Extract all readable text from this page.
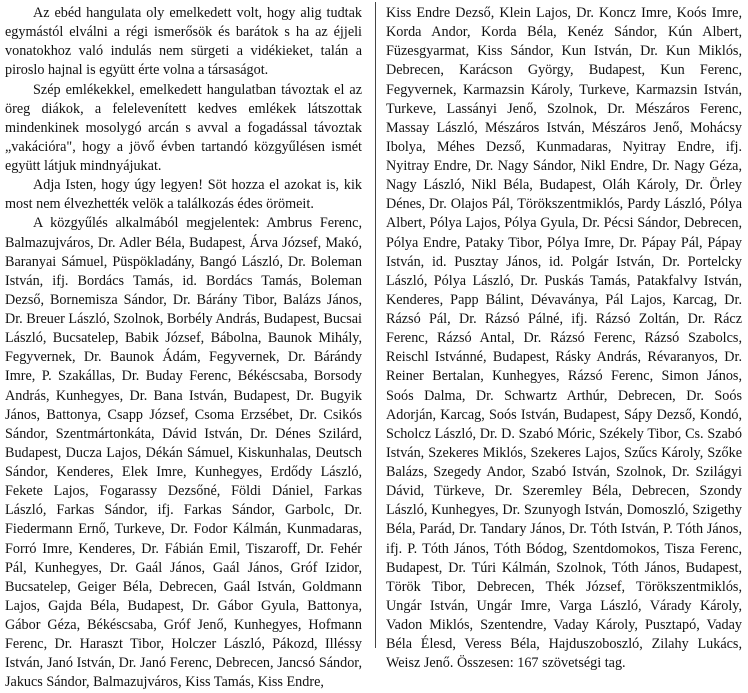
Az ebéd hangulata oly emelkedett volt, hogy alig tudtak egymástól elválni a régi ismerősök és barátok s ha az éjjeli vonatokhoz való indulás nem sürgeti a vidékieket, talán a piroslo hajnal is együtt érte volna a társaságot.

Szép emlékekkel, emelkedett hangulatban távoztak el az öreg diákok, a felelevenített kedves emlékek látszottak mindenkinek mosolygó arcán s avval a fogadással távoztak „vakációra", hogy a jövő évben tartandó közgyűlésen ismét együtt látjuk mindnyájukat.

Adja Isten, hogy úgy legyen! Söt hozza el azokat is, kik most nem élvezhették velök a találkozás édes örömeit.

A közgyűlés alkalmából megjelentek: Ambrus Ferenc, Balmazujváros, Dr. Adler Béla, Budapest, Árva József, Makó, Baranyai Sámuel, Püspökladány, Bangó László, Dr. Boleman István, ifj. Bordács Tamás, id. Bordács Tamás, Boleman Dezső, Bornemisza Sándor, Dr. Bárány Tibor, Balázs János, Dr. Breuer László, Szolnok, Borbély András, Budapest, Bucsai László, Bucsatelep, Babik József, Bábolna, Baunok Mihály, Fegyvernek, Dr. Baunok Ádám, Fegyvernek, Dr. Bárándy Imre, P. Szakállas, Dr. Buday Ferenc, Békéscsaba, Borsody András, Kunhegyes, Dr. Bana István, Budapest, Dr. Bugyik János, Battonya, Csapp József, Csoma Erzsébet, Dr. Csikós Sándor, Szentmártonkáta, Dávid István, Dr. Dénes Szilárd, Budapest, Ducza Lajos, Dékán Sámuel, Kiskunhalas, Deutsch Sándor, Kenderes, Elek Imre, Kunhegyes, Erdődy László, Fekete Lajos, Fogarassy Dezsőné, Földi Dániel, Farkas László, Farkas Sándor, ifj. Farkas Sándor, Garbolc, Dr. Fiedermann Ernő, Turkeve, Dr. Fodor Kálmán, Kunmadaras, Forró Imre, Kenderes, Dr. Fábián Emil, Tiszaroff, Dr. Fehér Pál, Kunhegyes, Dr. Gaál János, Gaál János, Gróf Izidor, Bucsatelep, Geiger Béla, Debrecen, Gaál István, Goldmann Lajos, Gajda Béla, Budapest, Dr. Gábor Gyula, Battonya, Gábor Géza, Békéscsaba, Gróf Jenő, Kunhegyes, Hofmann Ferenc, Dr. Haraszt Tibor, Holczer László, Pákozd, Illéssy István, Janó István, Dr. Janó Ferenc, Debrecen, Jancsó Sándor, Jakucs Sándor, Balmazujváros, Kiss Tamás, Kiss Endre,

Kiss Endre Dezső, Klein Lajos, Dr. Koncz Imre, Koós Imre, Korda Andor, Korda Béla, Kenéz Sándor, Kún Albert, Füzesgyarmat, Kiss Sándor, Kun István, Dr. Kun Miklós, Debrecen, Karácson György, Budapest, Kun Ferenc, Fegyvernek, Karmazsin Károly, Turkeve, Karmazsin István, Turkeve, Lassányi Jenő, Szolnok, Dr. Mészáros Ferenc, Massay László, Mészáros István, Mészáros Jenő, Mohácsy Ibolya, Méhes Dezső, Kunmadaras, Nyitray Endre, ifj. Nyitray Endre, Dr. Nagy Sándor, Nikl Endre, Dr. Nagy Géza, Nagy László, Nikl Béla, Budapest, Oláh Károly, Dr. Örley Dénes, Dr. Olajos Pál, Törökszentmiklós, Pardy László, Pólya Albert, Pólya Lajos, Pólya Gyula, Dr. Pécsi Sándor, Debrecen, Pólya Endre, Pataky Tibor, Pólya Imre, Dr. Pápay Pál, Pápay István, id. Pusztay János, id. Polgár István, Dr. Portelcky László, Pólya László, Dr. Puskás Tamás, Patakfalvy István, Kenderes, Papp Bálint, Dévaványa, Pál Lajos, Karcag, Dr. Rázsó Pál, Dr. Rázsó Pálné, ifj. Rázsó Zoltán, Dr. Rácz Ferenc, Rázsó Antal, Dr. Rázsó Ferenc, Rázsó Szabolcs, Reischl Istvánné, Budapest, Rásky András, Révaranyos, Dr. Reiner Bertalan, Kunhegyes, Rázsó Ferenc, Simon János, Soós Dalma, Dr. Schwartz Arthúr, Debrecen, Dr. Soós Adorján, Karcag, Soós István, Budapest, Sápy Dezső, Kondó, Scholcz László, Dr. D. Szabó Móric, Székely Tibor, Cs. Szabó István, Szekeres Miklós, Szekeres Lajos, Szűcs Károly, Szőke Balázs, Szegedy Andor, Szabó István, Szolnok, Dr. Szilágyi Dávid, Türkeve, Dr. Szeremley Béla, Debrecen, Szondy László, Kunhegyes, Dr. Szunyogh István, Domoszló, Szigethy Béla, Parád, Dr. Tandary János, Dr. Tóth István, P. Tóth János, ifj. P. Tóth János, Tóth Bódog, Szentdomokos, Tisza Ferenc, Budapest, Dr. Túri Kálmán, Szolnok, Tóth János, Budapest, Török Tibor, Debrecen, Thék József, Törökszentmiklós, Ungár István, Ungár Imre, Varga László, Várady Károly, Vadon Miklós, Szentendre, Vaday Károly, Pusztapó, Vaday Béla Élesd, Veress Béla, Hajduszoboszló, Zilahy Lukács, Weisz Jenő. Összesen: 167 szövetségi tag.
